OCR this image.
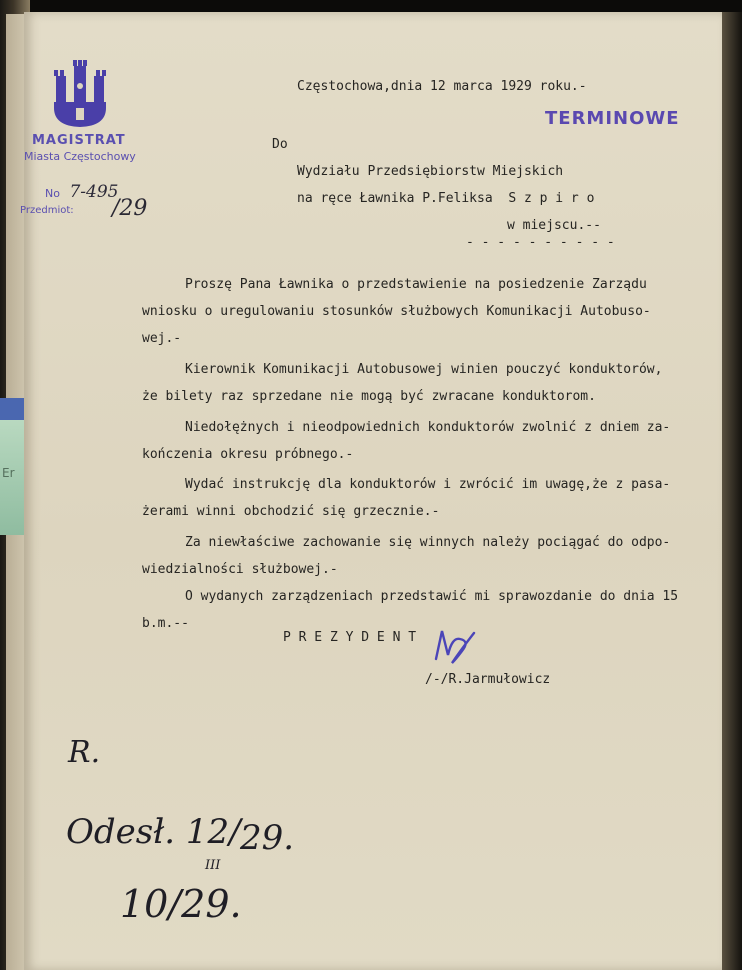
Er
MAGISTRAT
Miasta Częstochowy
No 7-495
Przedmiot: /29
TERMINOWE
Częstochowa,dnia 12 marca 1929 roku.-
Do
Wydziału Przedsiębiorstw Miejskich
na ręce Ławnika P.Feliksa  S z p i r o
w miejscu.--
- - - - - - - - - -
Proszę Pana Ławnika o przedstawienie na posiedzenie Zarządu
wniosku o uregulowaniu stosunków służbowych Komunikacji Autobuso-
wej.-
Kierownik Komunikacji Autobusowej winien pouczyć konduktorów,
że bilety raz sprzedane nie mogą być zwracane konduktorom.
Niedołężnych i nieodpowiednich konduktorów zwolnić z dniem za-
kończenia okresu próbnego.-
Wydać instrukcję dla konduktorów i zwrócić im uwagę,że z pasa-
żerami winni obchodzić się grzecznie.-
Za niewłaściwe zachowanie się winnych należy pociągać do odpo-
wiedzialności służbowej.-
O wydanych zarządzeniach przedstawić mi sprawozdanie do dnia 15
b.m.--
P R E Z Y D E N T
/-/R.Jarmułowicz
R.
Odesł. 12/
III
29.
10/29.
